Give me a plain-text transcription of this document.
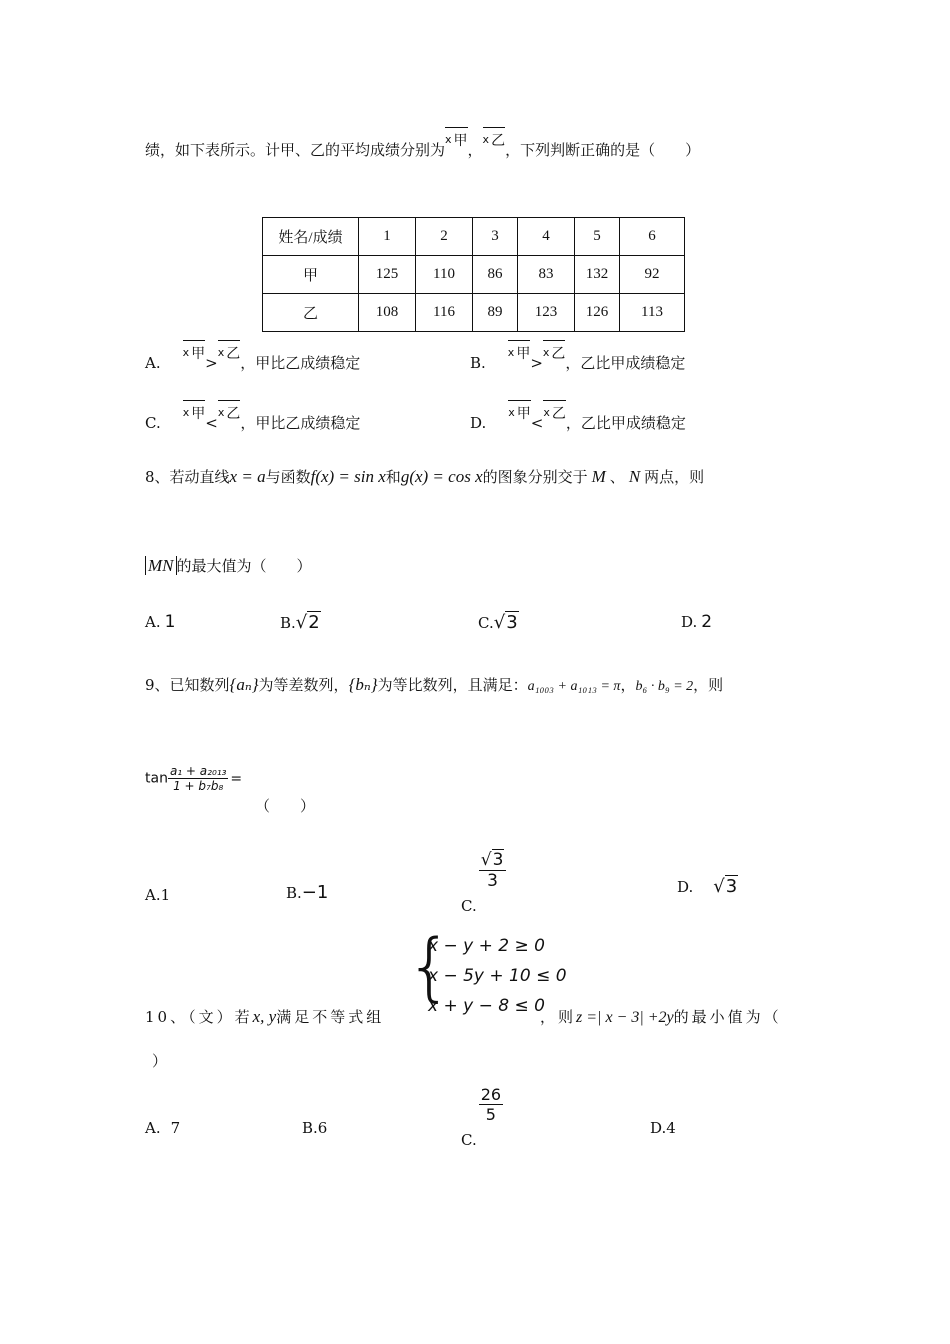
绩，如下表所示。计甲、乙的平均成绩分别为x 甲，x 乙，下列判断正确的是（　　）
姓名/成绩	1	2	3	4	5	6
甲	125	110	86	83	132	92
乙	108	116	89	123	126	113
A.x 甲>x 乙，甲比乙成绩稳定	B.x 甲>x 乙，乙比甲成绩稳定
C.x 甲<x 乙，甲比乙成绩稳定	D.x 甲<x 乙，乙比甲成绩稳定
8、若动直线x = a与函数f(x) = sin x和g(x) = cos x的图象分别交于 M 、 N 两点，则
MN 的最大值为（　　）
A. 1	B.√2	C.√3	D. 2
9、已知数列{aₙ}为等差数列，{bₙ}为等比数列，且满足：a₁₀₀₃ + a₁₀₁₃ = π，b₆ · b₉ = 2，则
$\tan \frac{\text{a₁ + a₂₀₁₃}}{\text{1 + b₇b₈}}$ =
（　　）
A.1	B.−1
C.
$\frac{√3}{3}$	D. √3
{
x − y + 2 ≥ 0
x − 5y + 10 ≤ 0
x + y − 8 ≤ 0
10、（文）若x, y满足不等式组	，则z =| x − 3| +2y的最小值为（
）
A. 7	B.6
C.
$\frac{26}{5}$
D.4
